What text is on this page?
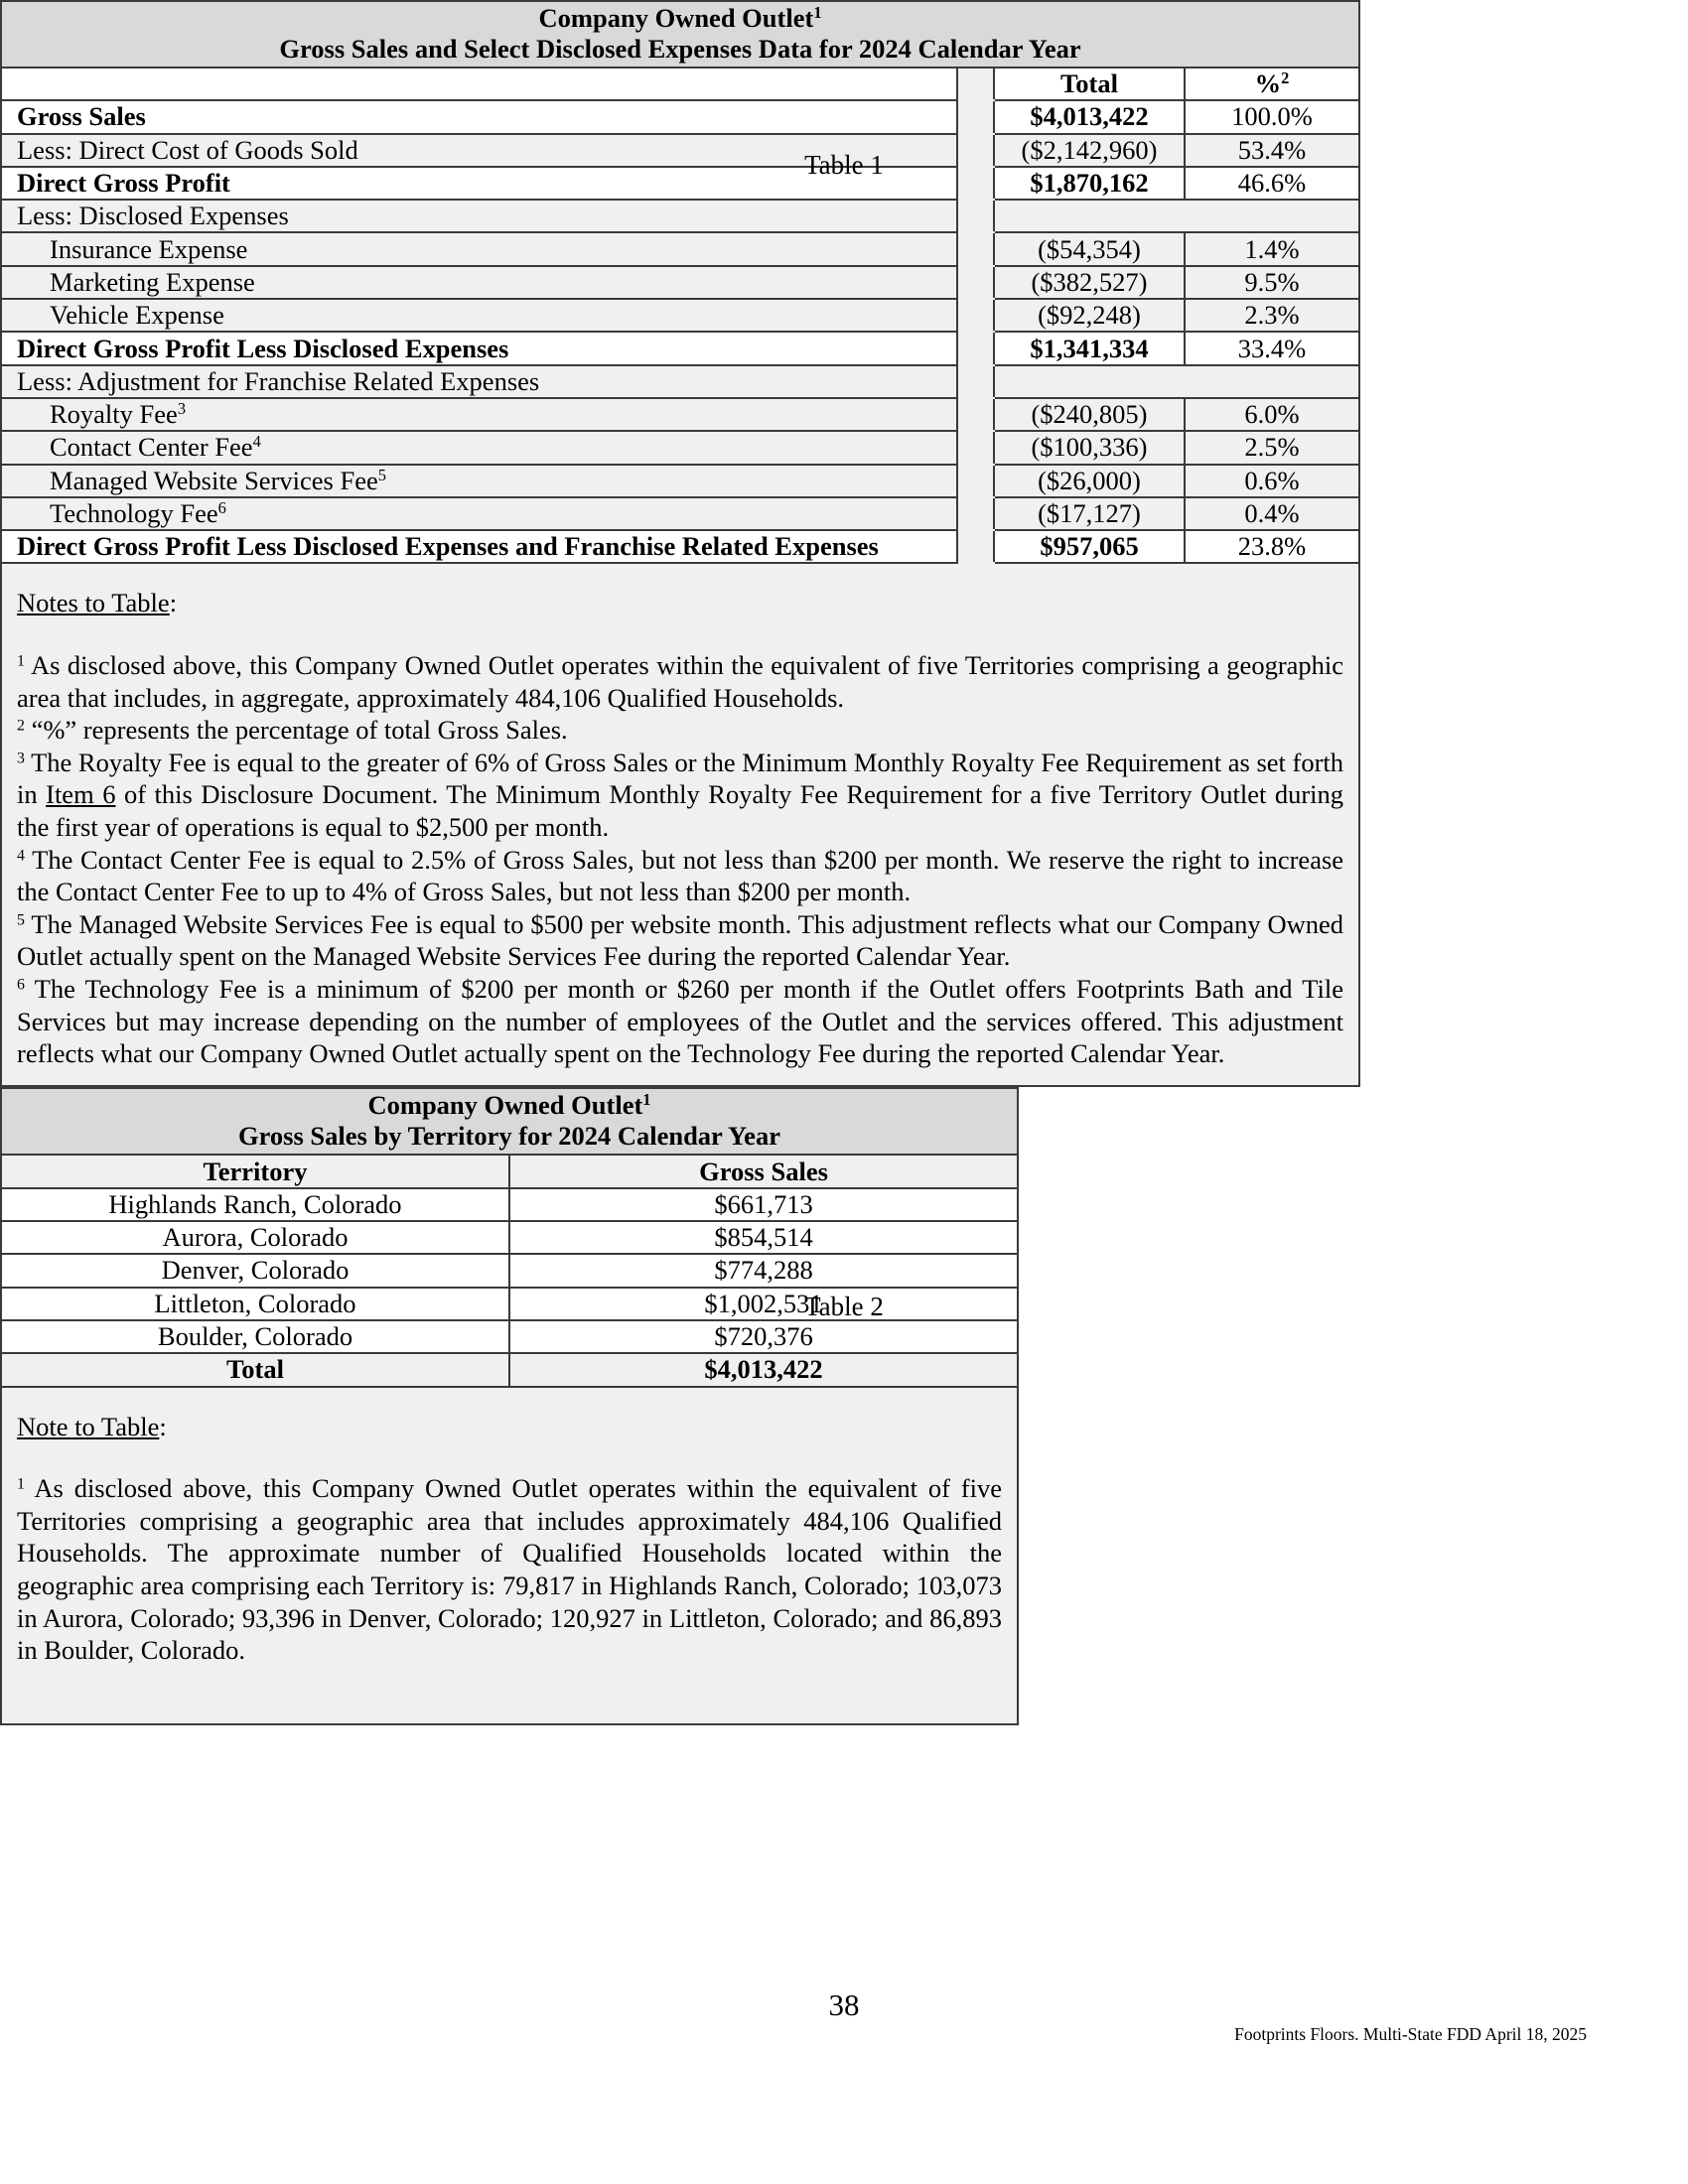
Table 1
Company Owned Outlet$^1$
Gross Sales and Select Disclosed Expenses Data for 2024 Calendar Year			

		Total	%$^2$
Gross Sales		$4,013,422	100.0%
Less: Direct Cost of Goods Sold		($2,142,960)	53.4%
Direct Gross Profit		$1,870,162	46.6%
Less: Disclosed Expenses			
Insurance Expense		($54,354)	1.4%
Marketing Expense		($382,527)	9.5%
Vehicle Expense		($92,248)	2.3%
Direct Gross Profit Less Disclosed Expenses		$1,341,334	33.4%
Less: Adjustment for Franchise Related Expenses			
Royalty Fee$^3$		($240,805)	6.0%
Contact Center Fee$^4$		($100,336)	2.5%
Managed Website Services Fee$^5$		($26,000)	0.6%
Technology Fee$^6$		($17,127)	0.4%
Direct Gross Profit Less Disclosed Expenses and Franchise Related Expenses		$957,065	23.8%

Notes to Table:

$^1$ As disclosed above, this Company Owned Outlet operates within the equivalent of five Territories comprising a geographic area that includes, in aggregate, approximately 484,106 Qualified Households.

$^2$ “%” represents the percentage of total Gross Sales.

$^3$ The Royalty Fee is equal to the greater of 6% of Gross Sales or the Minimum Monthly Royalty Fee Requirement as set forth in Item 6 of this Disclosure Document. The Minimum Monthly Royalty Fee Requirement for a five Territory Outlet during the first year of operations is equal to $2,500 per month.

$^4$ The Contact Center Fee is equal to 2.5% of Gross Sales, but not less than $200 per month. We reserve the right to increase the Contact Center Fee to up to 4% of Gross Sales, but not less than $200 per month.

$^5$ The Managed Website Services Fee is equal to $500 per website month. This adjustment reflects what our Company Owned Outlet actually spent on the Managed Website Services Fee during the reported Calendar Year.

$^6$ The Technology Fee is a minimum of $200 per month or $260 per month if the Outlet offers Footprints Bath and Tile Services but may increase depending on the number of employees of the Outlet and the services offered. This adjustment reflects what our Company Owned Outlet actually spent on the Technology Fee during the reported Calendar Year.

Table 2
Company Owned Outlet$^1$
Gross Sales by Territory for 2024 Calendar Year	

Territory	Gross Sales
Highlands Ranch, Colorado	$661,713
Aurora, Colorado	$854,514
Denver, Colorado	$774,288
Littleton, Colorado	$1,002,531
Boulder, Colorado	$720,376
Total	$4,013,422

Note to Table:

$^1$ As disclosed above, this Company Owned Outlet operates within the equivalent of five Territories comprising a geographic area that includes approximately 484,106 Qualified Households. The approximate number of Qualified Households located within the geographic area comprising each Territory is: 79,817 in Highlands Ranch, Colorado; 103,073 in Aurora, Colorado; 93,396 in Denver, Colorado; 120,927 in Littleton, Colorado; and 86,893 in Boulder, Colorado.	

38
Footprints Floors. Multi-State FDD April 18, 2025
